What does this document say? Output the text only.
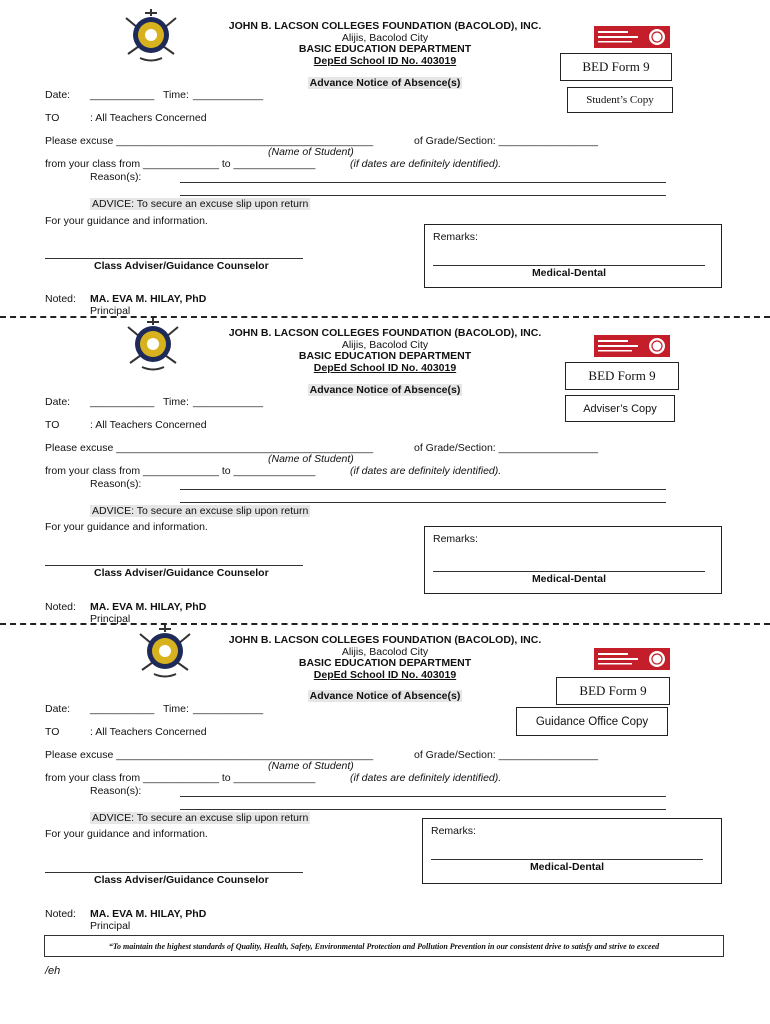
JOHN B. LACSON COLLEGES FOUNDATION (BACOLOD), INC.
Alijis, Bacolod City
BASIC EDUCATION DEPARTMENT
DepEd School ID No. 403019
Advance Notice of Absence(s)
BED Form 9
Student’s Copy
Date: ___________ Time: ____________
TO	: All Teachers Concerned
Please excuse ____________________________________________	of Grade/Section: _________________
(Name of Student)
from your class from _____________ to ______________	(if dates are definitely identified).
Reason(s):
ADVICE: To secure an excuse slip upon return
For your guidance and information.
Remarks:
Medical-Dental
Class Adviser/Guidance Counselor
Noted: MA. EVA M. HILAY, PhD
Principal
JOHN B. LACSON COLLEGES FOUNDATION (BACOLOD), INC.
Alijis, Bacolod City
BASIC EDUCATION DEPARTMENT
DepEd School ID No. 403019
Advance Notice of Absence(s)
BED Form 9
Adviser’s Copy
Date: ___________ Time: ____________
TO	: All Teachers Concerned
Please excuse ____________________________________________	of Grade/Section: _________________
(Name of Student)
from your class from _____________ to ______________	(if dates are definitely identified).
Reason(s):
ADVICE: To secure an excuse slip upon return
For your guidance and information.
Remarks:
Medical-Dental
Class Adviser/Guidance Counselor
Noted: MA. EVA M. HILAY, PhD
Principal
JOHN B. LACSON COLLEGES FOUNDATION (BACOLOD), INC.
Alijis, Bacolod City
BASIC EDUCATION DEPARTMENT
DepEd School ID No. 403019
Advance Notice of Absence(s)	BED Form 9
Guidance Office Copy
Date: ___________ Time: ____________
TO	: All Teachers Concerned
Please excuse ____________________________________________	of Grade/Section: _________________
(Name of Student)
from your class from _____________ to ______________	(if dates are definitely identified).
Reason(s):
ADVICE: To secure an excuse slip upon return
For your guidance and information.	Remarks:
Medical-Dental
Class Adviser/Guidance Counselor
Noted: MA. EVA M. HILAY, PhD
Principal
“To maintain the highest standards of Quality, Health, Safety, Environmental Protection and Pollution Prevention in our consistent drive to satisfy and strive to exceed
/eh
